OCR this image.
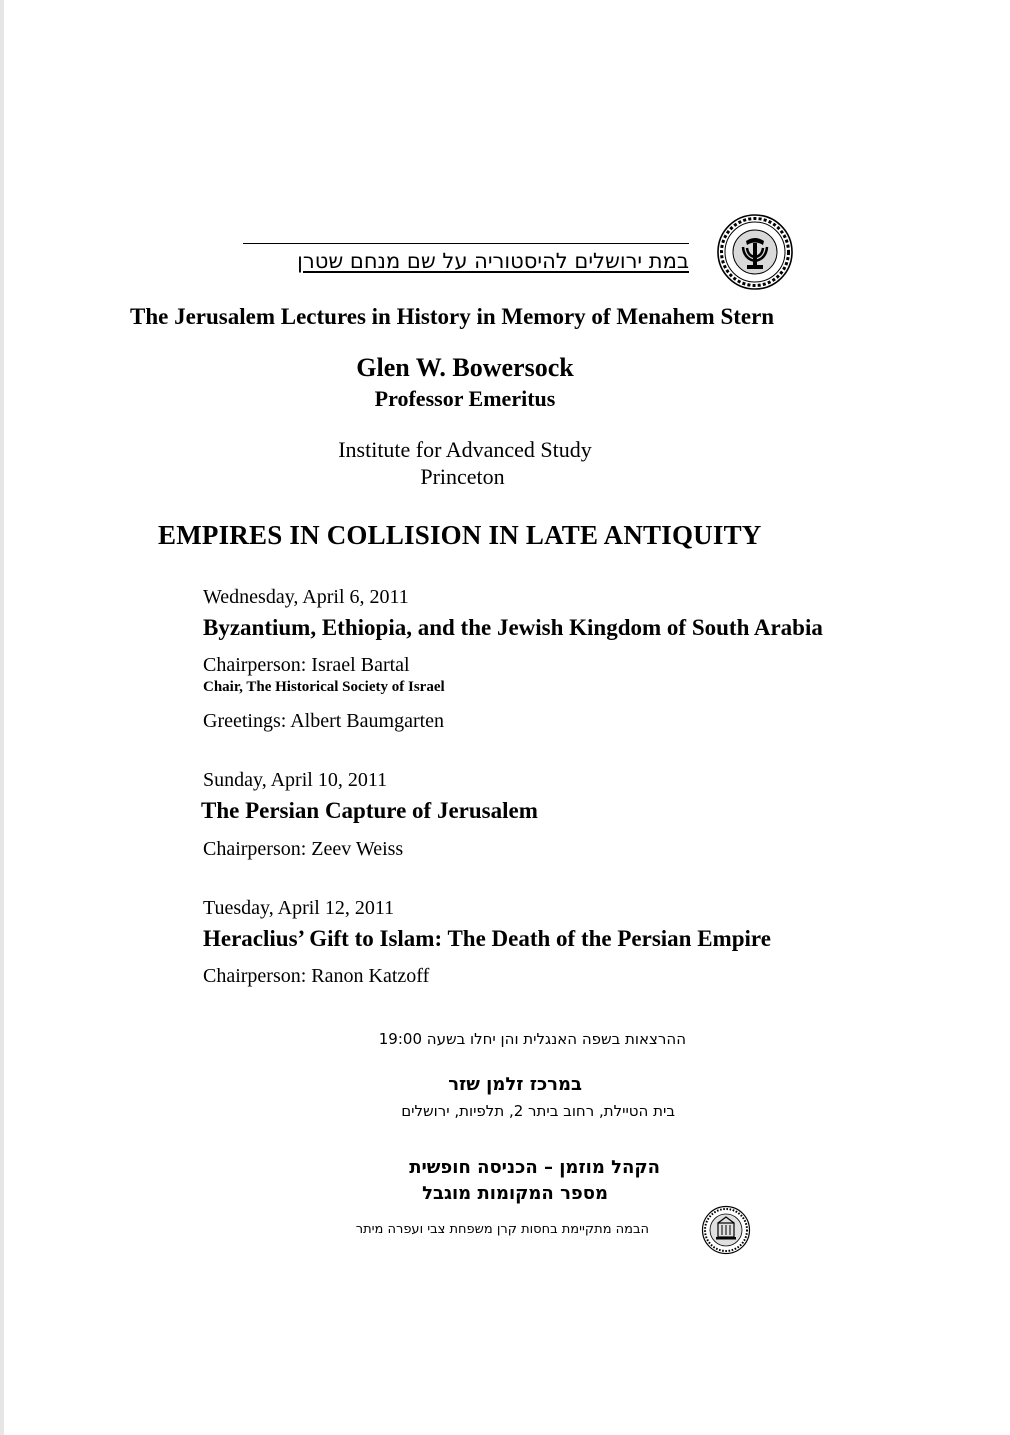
במת ירושלים להיסטוריה על שם מנחם שטרן
The Jerusalem Lectures in History in Memory of Menahem Stern
Glen W. Bowersock
Professor Emeritus
Institute for Advanced Study
Princeton
EMPIRES IN COLLISION IN LATE ANTIQUITY
Wednesday, April 6, 2011
Byzantium, Ethiopia, and the Jewish Kingdom of South Arabia
Chairperson: Israel Bartal
Chair, The Historical Society of Israel
Greetings: Albert Baumgarten
Sunday, April 10, 2011
The Persian Capture of Jerusalem
Chairperson: Zeev Weiss
Tuesday, April 12, 2011
Heraclius’ Gift to Islam: The Death of the Persian Empire
Chairperson: Ranon Katzoff
ההרצאות בשפה האנגלית והן יחלו בשעה 19:00
במרכז זלמן שזר
בית הטיילת, רחוב ביתר 2, תלפיות, ירושלים
הקהל מוזמן – הכניסה חופשית
מספר המקומות מוגבל
הבמה מתקיימת בחסות קרן משפחת צבי ועפרה מיתר
